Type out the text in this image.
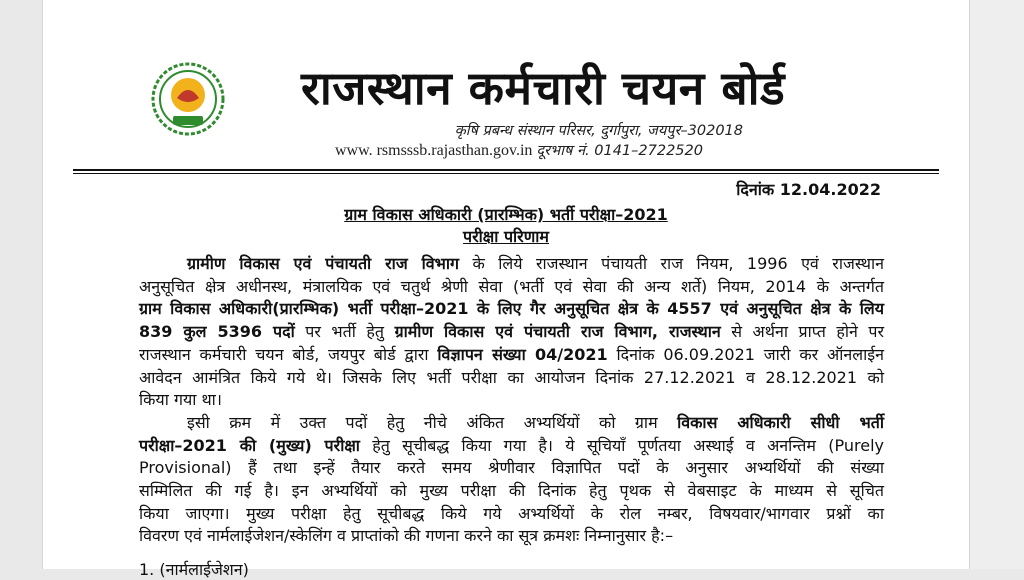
राजस्थान कर्मचारी चयन बोर्ड
कृषि प्रबन्ध संस्थान परिसर, दुर्गापुरा, जयपुर–302018
www. rsmsssb.rajasthan.gov.in दूरभाष नं. 0141–2722520
दिनांक 12.04.2022
ग्राम विकास अधिकारी (प्रारम्भिक) भर्ती परीक्षा–2021
परीक्षा परिणाम
ग्रामीण विकास एवं पंचायती राज विभाग के लिये राजस्थान पंचायती राज नियम, 1996 एवं राजस्थान
अनुसूचित क्षेत्र अधीनस्थ, मंत्रालयिक एवं चतुर्थ श्रेणी सेवा (भर्ती एवं सेवा की अन्य शर्ते) नियम, 2014 के अन्तर्गत
ग्राम विकास अधिकारी(प्रारम्भिक) भर्ती परीक्षा–2021 के लिए गैर अनुसूचित क्षेत्र के 4557 एवं अनुसूचित क्षेत्र के लिय
839 कुल 5396 पदों पर भर्ती हेतु ग्रामीण विकास एवं पंचायती राज विभाग, राजस्थान से अर्थना प्राप्त होने पर
राजस्थान कर्मचारी चयन बोर्ड, जयपुर बोर्ड द्वारा विज्ञापन संख्या 04/2021 दिनांक 06.09.2021 जारी कर ऑनलाईन
आवेदन आमंत्रित किये गये थे। जिसके लिए भर्ती परीक्षा का आयोजन दिनांक 27.12.2021 व 28.12.2021 को
किया गया था।
इसी क्रम में उक्त पदों हेतु नीचे अंकित अभ्यर्थियों को ग्राम विकास अधिकारी सीधी भर्ती
परीक्षा–2021 की (मुख्य) परीक्षा हेतु सूचीबद्ध किया गया है। ये सूचियाँ पूर्णतया अस्थाई व अनन्तिम (Purely
Provisional) हैं तथा इन्हें तैयार करते समय श्रेणीवार विज्ञापित पदों के अनुसार अभ्यर्थियों की संख्या
सम्मिलित की गई है। इन अभ्यर्थियों को मुख्य परीक्षा की दिनांक हेतु पृथक से वेबसाइट के माध्यम से सूचित
किया जाएगा। मुख्य परीक्षा हेतु सूचीबद्ध किये गये अभ्यर्थियों के रोल नम्बर, विषयवार/भागवार प्रश्नों का
विवरण एवं नार्मलाईजेशन/स्केलिंग व प्राप्तांको की गणना करने का सूत्र क्रमशः निम्नानुसार है:–
1. (नार्मलाईजेशन)
